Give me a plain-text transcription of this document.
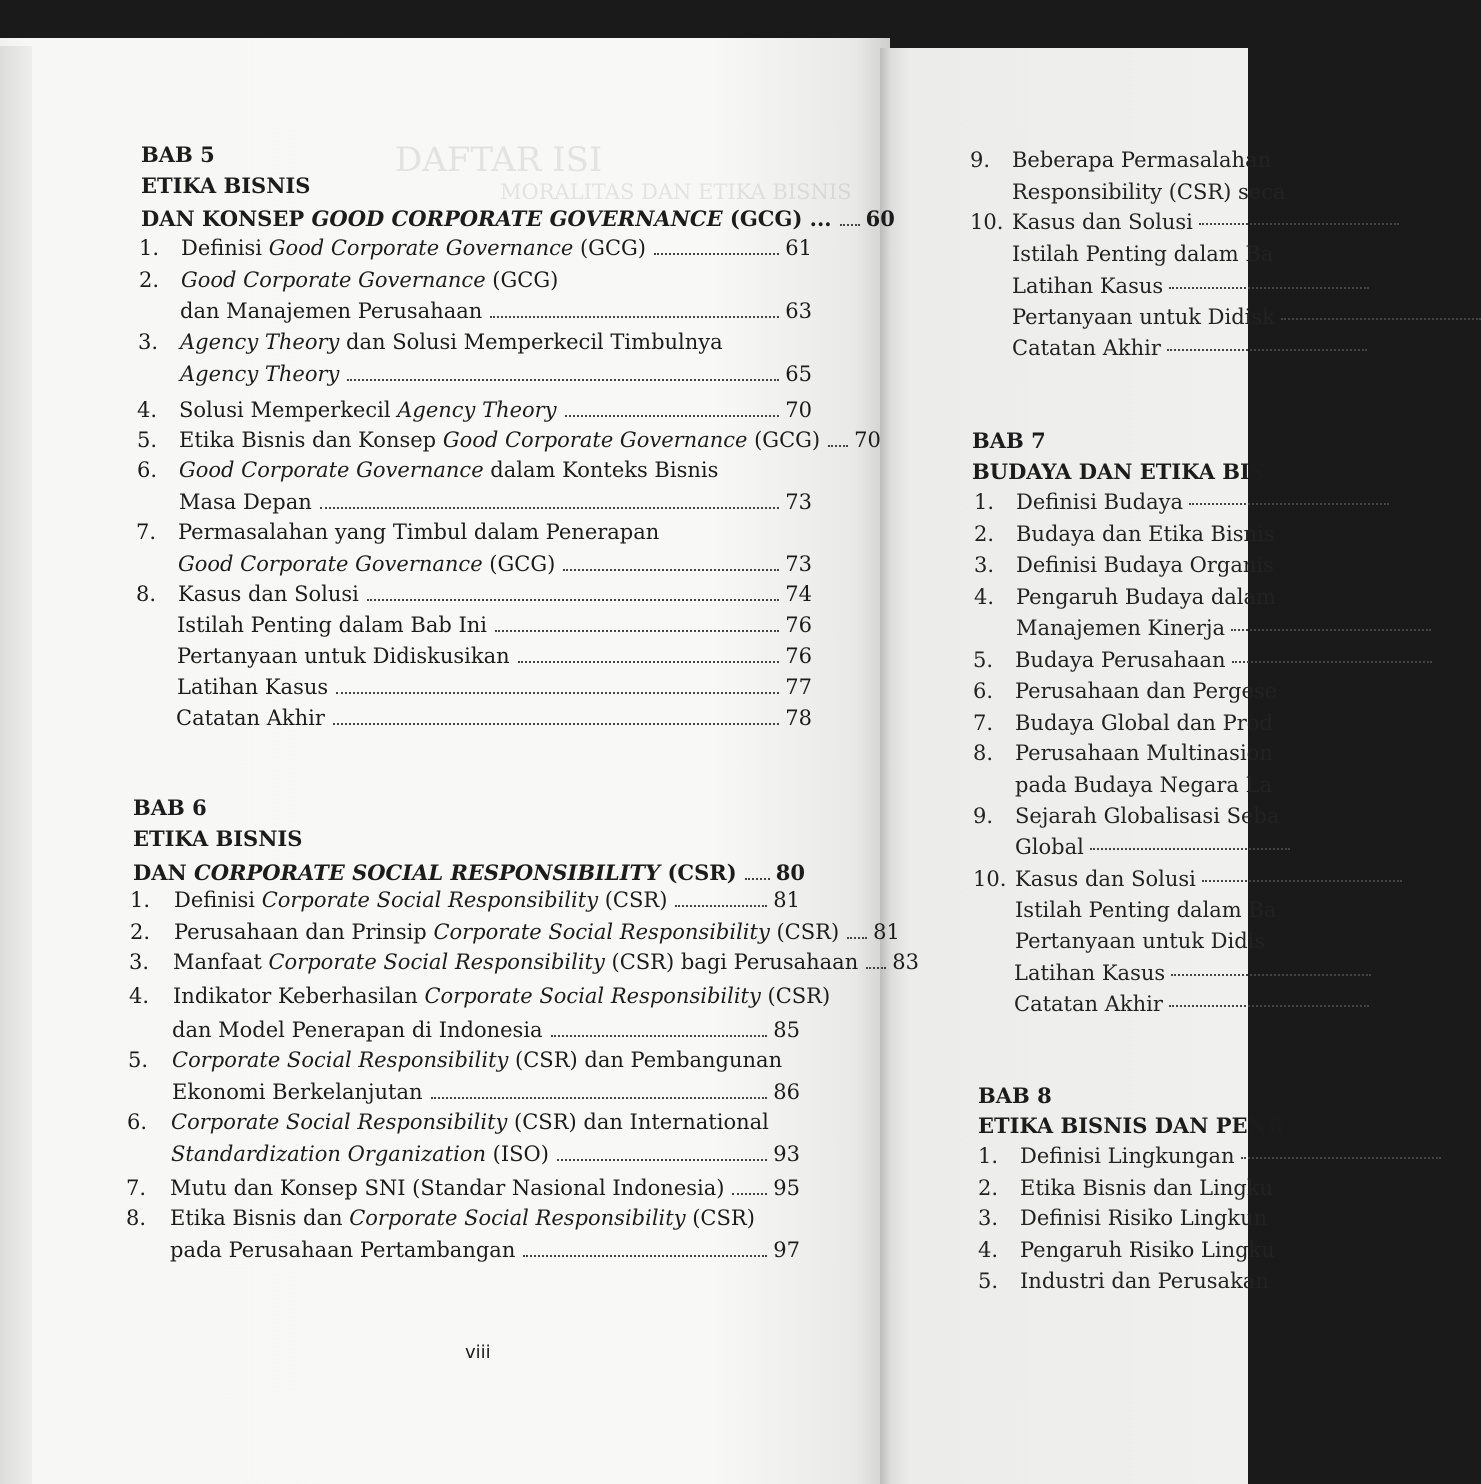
DAFTAR ISI
MORALITAS DAN ETIKA BISNIS
BAB 5
ETIKA BISNIS
DAN KONSEP GOOD CORPORATE GOVERNANCE (GCG) ... 60
1. Definisi Good Corporate Governance (GCG)	61
2. Good Corporate Governance (GCG)
dan Manajemen Perusahaan	63
3. Agency Theory dan Solusi Memperkecil Timbulnya
Agency Theory	65
4. Solusi Memperkecil Agency Theory	70
5. Etika Bisnis dan Konsep Good Corporate Governance (GCG) 70
6. Good Corporate Governance dalam Konteks Bisnis
Masa Depan	73
7. Permasalahan yang Timbul dalam Penerapan
Good Corporate Governance (GCG)	73
8. Kasus dan Solusi	74
Istilah Penting dalam Bab Ini	76
Pertanyaan untuk Didiskusikan	76
Latihan Kasus	77
Catatan Akhir	78
BAB 6
ETIKA BISNIS
DAN CORPORATE SOCIAL RESPONSIBILITY (CSR) 80
1. Definisi Corporate Social Responsibility (CSR)	81
2. Perusahaan dan Prinsip Corporate Social Responsibility (CSR) 81
3. Manfaat Corporate Social Responsibility (CSR) bagi Perusahaan 83
4. Indikator Keberhasilan Corporate Social Responsibility (CSR)
dan Model Penerapan di Indonesia	85
5. Corporate Social Responsibility (CSR) dan Pembangunan
Ekonomi Berkelanjutan	86
6. Corporate Social Responsibility (CSR) dan International
Standardization Organization (ISO)	93
7. Mutu dan Konsep SNI (Standar Nasional Indonesia) 95
8. Etika Bisnis dan Corporate Social Responsibility (CSR)
pada Perusahaan Pertambangan	97
9. Beberapa Permasalahan
Responsibility (CSR) seca
10. Kasus dan Solusi
Istilah Penting dalam Ba
Latihan Kasus
Pertanyaan untuk Didisk
Catatan Akhir
BAB 7
BUDAYA DAN ETIKA BIS
1. Definisi Budaya
2. Budaya dan Etika Bisnis
3. Definisi Budaya Organis
4. Pengaruh Budaya dalam
Manajemen Kinerja
5. Budaya Perusahaan
6. Perusahaan dan Pergese
7. Budaya Global dan Prod
8. Perusahaan Multinasion
pada Budaya Negara La
9. Sejarah Globalisasi Seba
Global
10. Kasus dan Solusi
Istilah Penting dalam Ba
Pertanyaan untuk Didis
Latihan Kasus
Catatan Akhir
BAB 8
ETIKA BISNIS DAN PENR
1. Definisi Lingkungan
2. Etika Bisnis dan Lingku
3. Definisi Risiko Lingkun
4. Pengaruh Risiko Lingku
5. Industri dan Perusakan
viii
